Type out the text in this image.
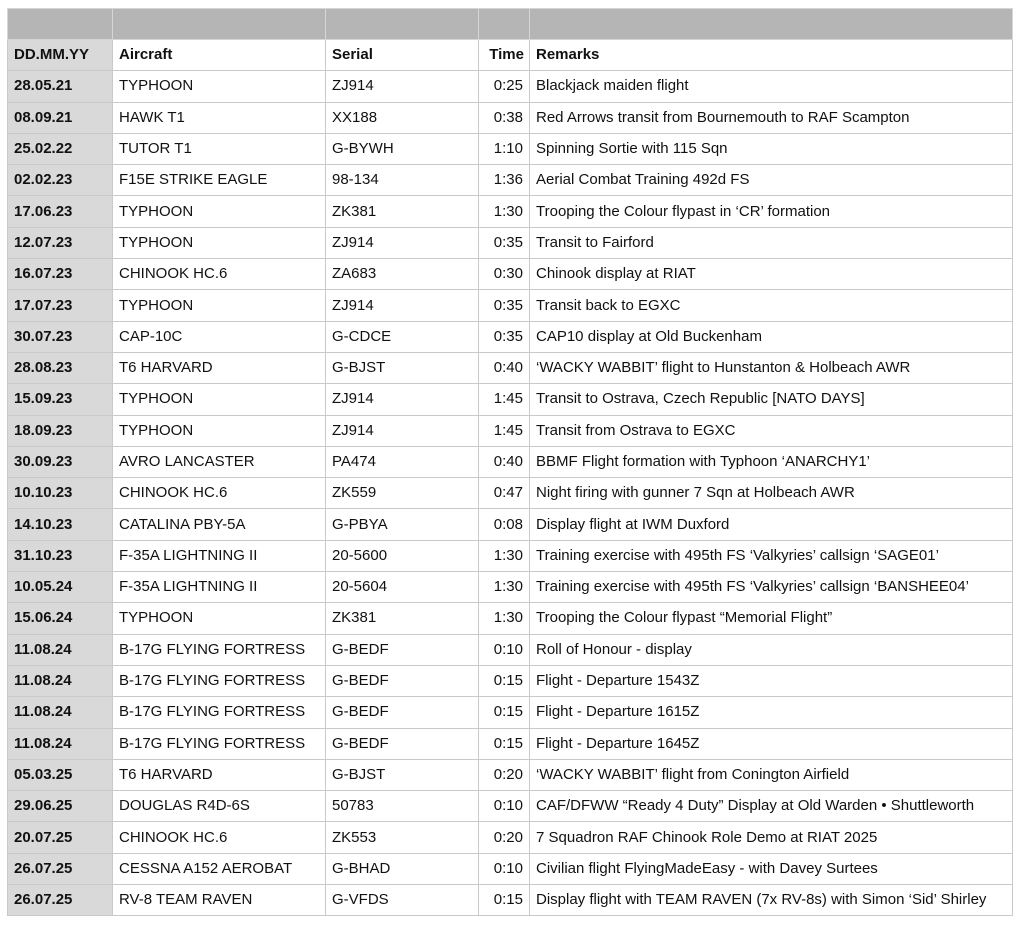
DD.MM.YY	Aircraft	Serial	Time	Remarks
28.05.21	TYPHOON	ZJ914	0:25	Blackjack maiden flight
08.09.21	HAWK T1	XX188	0:38	Red Arrows transit from Bournemouth to RAF Scampton
25.02.22	TUTOR T1	G-BYWH	1:10	Spinning Sortie with 115 Sqn
02.02.23	F15E STRIKE EAGLE	98-134	1:36	Aerial Combat Training 492d FS
17.06.23	TYPHOON	ZK381	1:30	Trooping the Colour flypast in ‘CR’ formation
12.07.23	TYPHOON	ZJ914	0:35	Transit to Fairford
16.07.23	CHINOOK HC.6	ZA683	0:30	Chinook display at RIAT
17.07.23	TYPHOON	ZJ914	0:35	Transit back to EGXC
30.07.23	CAP-10C	G-CDCE	0:35	CAP10 display at Old Buckenham
28.08.23	T6 HARVARD	G-BJST	0:40	‘WACKY WABBIT’ flight to Hunstanton & Holbeach AWR
15.09.23	TYPHOON	ZJ914	1:45	Transit to Ostrava, Czech Republic [NATO DAYS]
18.09.23	TYPHOON	ZJ914	1:45	Transit from Ostrava to EGXC
30.09.23	AVRO LANCASTER	PA474	0:40	BBMF Flight formation with Typhoon ‘ANARCHY1’
10.10.23	CHINOOK HC.6	ZK559	0:47	Night firing with gunner 7 Sqn at Holbeach AWR
14.10.23	CATALINA PBY-5A	G-PBYA	0:08	Display flight at IWM Duxford
31.10.23	F-35A LIGHTNING II	20-5600	1:30	Training exercise with 495th FS ‘Valkyries’ callsign ‘SAGE01’
10.05.24	F-35A LIGHTNING II	20-5604	1:30	Training exercise with 495th FS ‘Valkyries’ callsign ‘BANSHEE04’
15.06.24	TYPHOON	ZK381	1:30	Trooping the Colour flypast “Memorial Flight”
11.08.24	B-17G FLYING FORTRESS	G-BEDF	0:10	Roll of Honour - display
11.08.24	B-17G FLYING FORTRESS	G-BEDF	0:15	Flight - Departure 1543Z
11.08.24	B-17G FLYING FORTRESS	G-BEDF	0:15	Flight - Departure 1615Z
11.08.24	B-17G FLYING FORTRESS	G-BEDF	0:15	Flight - Departure 1645Z
05.03.25	T6 HARVARD	G-BJST	0:20	‘WACKY WABBIT’ flight from Conington Airfield
29.06.25	DOUGLAS R4D-6S	50783	0:10	CAF/DFWW “Ready 4 Duty” Display at Old Warden • Shuttleworth
20.07.25	CHINOOK HC.6	ZK553	0:20	7 Squadron RAF Chinook Role Demo at RIAT 2025
26.07.25	CESSNA A152 AEROBAT	G-BHAD	0:10	Civilian flight FlyingMadeEasy - with Davey Surtees
26.07.25	RV-8 TEAM RAVEN	G-VFDS	0:15	Display flight with TEAM RAVEN (7x RV-8s) with Simon ‘Sid’ Shirley
